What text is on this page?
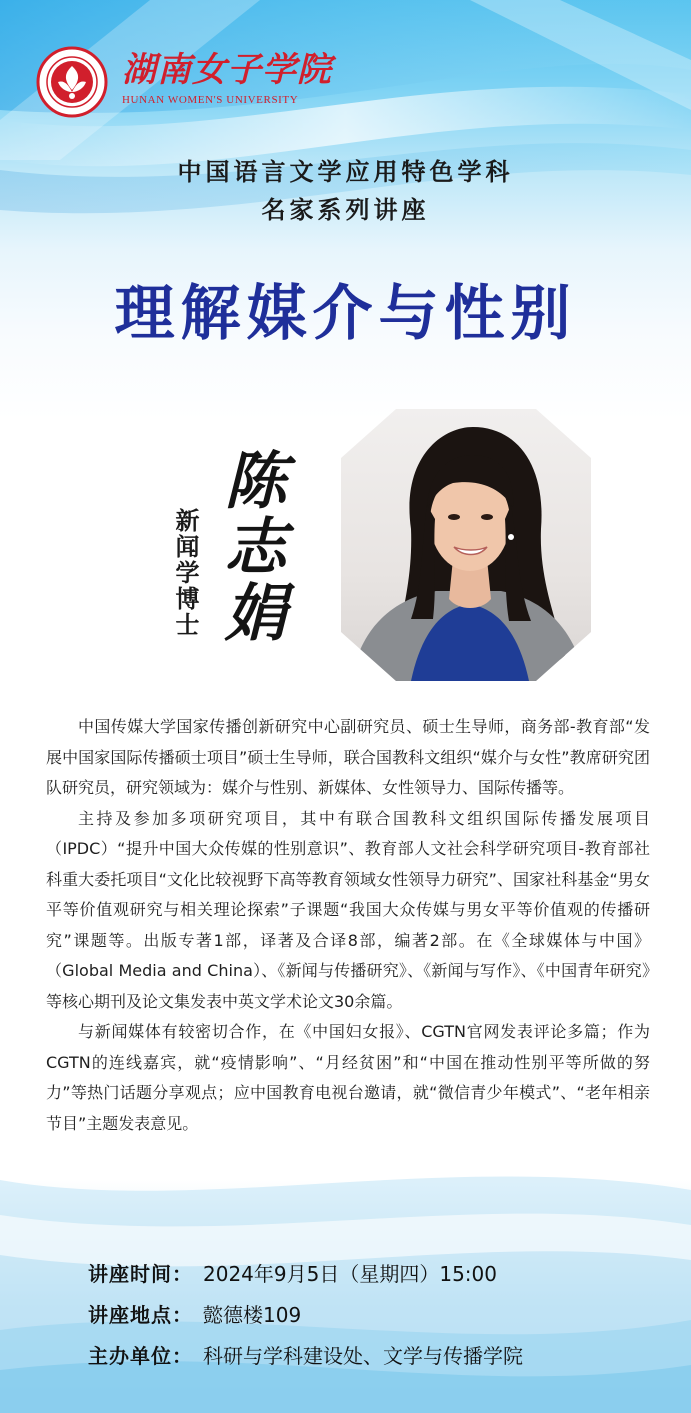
湖南女子学院
HUNAN WOMEN'S UNIVERSITY
中国语言文学应用特色学科
名家系列讲座
理解媒介与性别
新闻学博士 陈志娟

中国传媒大学国家传播创新研究中心副研究员、硕士生导师，商务部-教育部“发展中国家国际传播硕士项目”硕士生导师，联合国教科文组织“媒介与女性”教席研究团队研究员，研究领域为：媒介与性别、新媒体、女性领导力、国际传播等。

主持及参加多项研究项目，其中有联合国教科文组织国际传播发展项目（IPDC）“提升中国大众传媒的性别意识”、教育部人文社会科学研究项目-教育部社科重大委托项目“文化比较视野下高等教育领域女性领导力研究”、国家社科基金“男女平等价值观研究与相关理论探索”子课题“我国大众传媒与男女平等价值观的传播研究”课题等。出版专著1部，译著及合译8部，编著2部。在《全球媒体与中国》（Global Media and China）、《新闻与传播研究》、《新闻与写作》、《中国青年研究》等核心期刊及论文集发表中英文学术论文30余篇。

与新闻媒体有较密切合作，在《中国妇女报》、CGTN官网发表评论多篇；作为CGTN的连线嘉宾，就“疫情影响”、“月经贫困”和“中国在推动性别平等所做的努力”等热门话题分享观点；应中国教育电视台邀请，就“微信青少年模式”、“老年相亲节目”主题发表意见。

讲座时间： 2024年9月5日（星期四）15:00
讲座地点： 懿德楼109
主办单位： 科研与学科建设处、文学与传播学院
